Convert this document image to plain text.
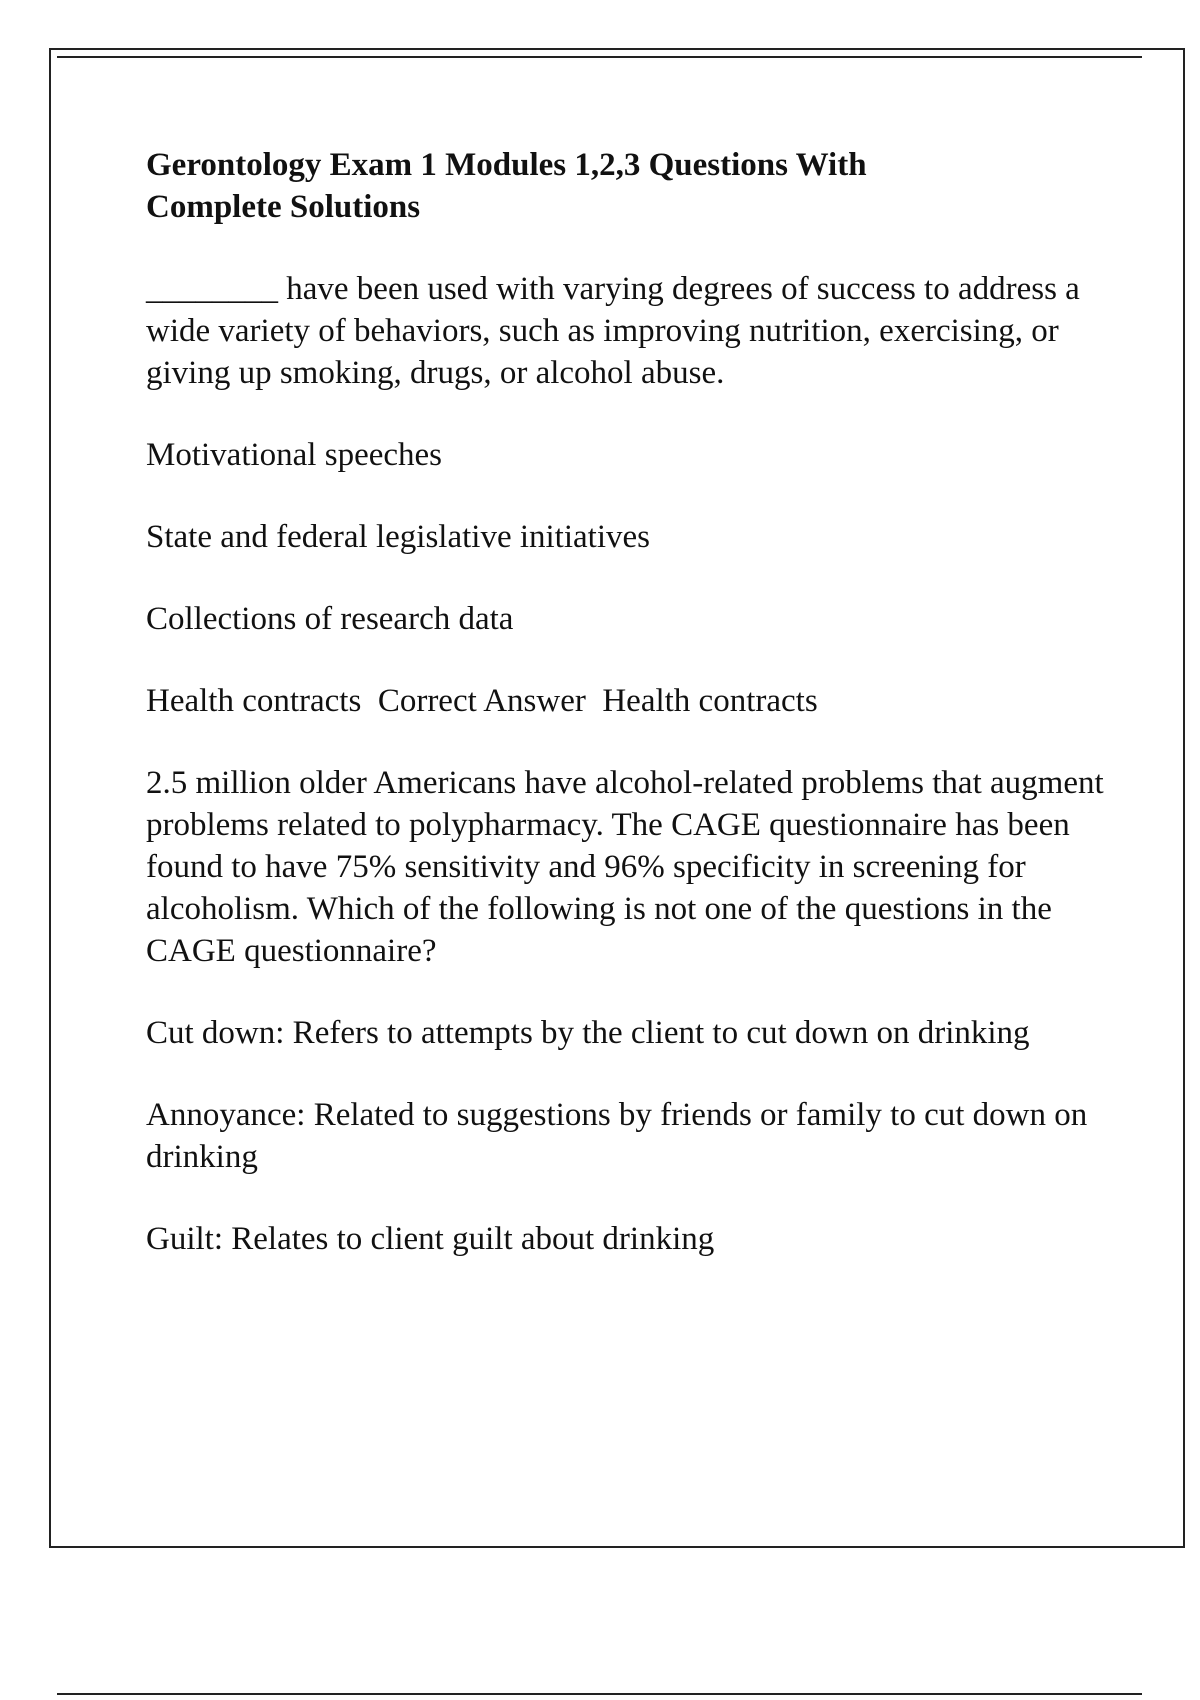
Gerontology Exam 1 Modules 1,2,3 Questions With Complete Solutions
________ have been used with varying degrees of success to address a wide variety of behaviors, such as improving nutrition, exercising, or giving up smoking, drugs, or alcohol abuse.
Motivational speeches
State and federal legislative initiatives
Collections of research data
Health contracts  Correct Answer  Health contracts
2.5 million older Americans have alcohol-related problems that augment problems related to polypharmacy. The CAGE questionnaire has been found to have 75% sensitivity and 96% specificity in screening for alcoholism. Which of the following is not one of the questions in the CAGE questionnaire?
Cut down: Refers to attempts by the client to cut down on drinking
Annoyance: Related to suggestions by friends or family to cut down on drinking
Guilt: Relates to client guilt about drinking
